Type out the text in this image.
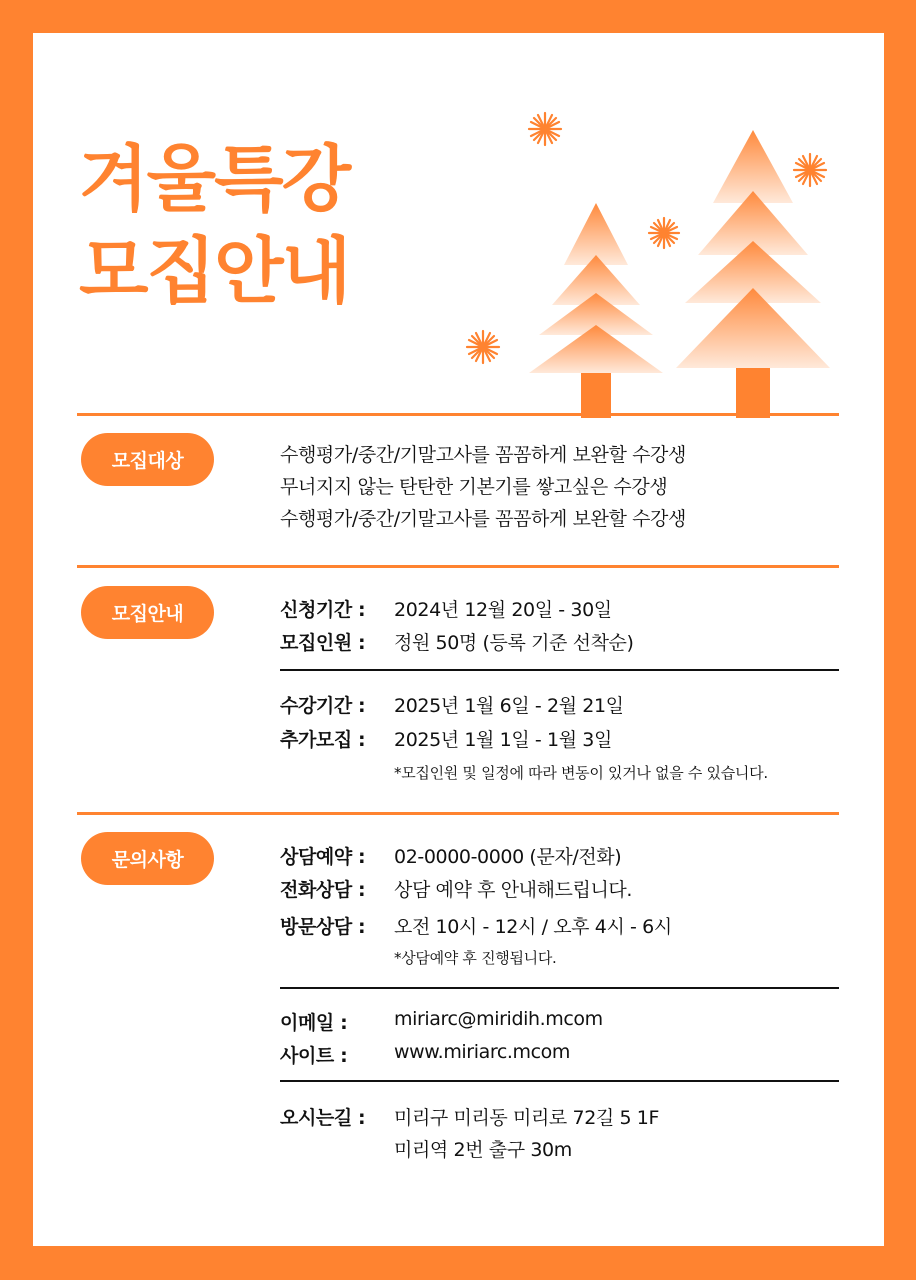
겨울특강
모집안내
모집대상	수행평가/중간/기말고사를 꼼꼼하게 보완할 수강생
무너지지 않는 탄탄한 기본기를 쌓고싶은 수강생
수행평가/중간/기말고사를 꼼꼼하게 보완할 수강생
모집안내	신청기간 :	2024년 12월 20일 - 30일
모집인원 :	정원 50명 (등록 기준 선착순)
수강기간 :	2025년 1월 6일 - 2월 21일
추가모집 :	2025년 1월 1일 - 1월 3일
*모집인원 및 일정에 따라 변동이 있거나 없을 수 있습니다.
문의사항	상담예약 :	02-0000-0000 (문자/전화)
전화상담 :	상담 예약 후 안내해드립니다.
방문상담 :	오전 10시 - 12시 / 오후 4시 - 6시
*상담예약 후 진행됩니다.
이메일 :	miriarc@miridih.mcom
사이트 :	www.miriarc.mcom
오시는길 :	미리구 미리동 미리로 72길 5 1F
미리역 2번 출구 30m
